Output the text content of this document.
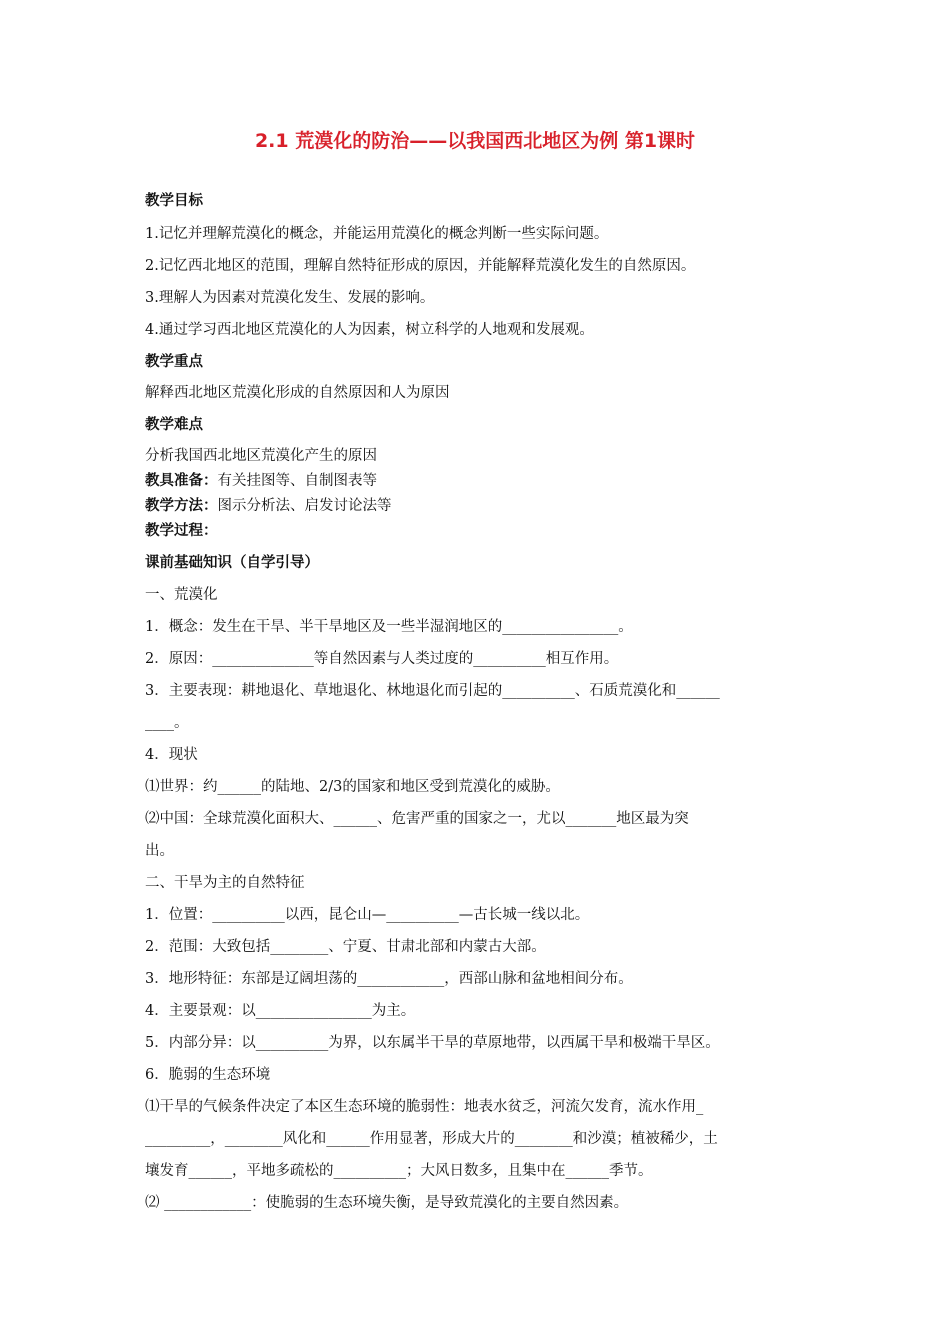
2.1 荒漠化的防治——以我国西北地区为例 第1课时
教学目标
1.记忆并理解荒漠化的概念，并能运用荒漠化的概念判断一些实际问题。
2.记忆西北地区的范围，理解自然特征形成的原因，并能解释荒漠化发生的自然原因。
3.理解人为因素对荒漠化发生、发展的影响。
4.通过学习西北地区荒漠化的人为因素，树立科学的人地观和发展观。
教学重点
解释西北地区荒漠化形成的自然原因和人为原因
教学难点
分析我国西北地区荒漠化产生的原因
教具准备：有关挂图等、自制图表等
教学方法：图示分析法、启发讨论法等
教学过程：
课前基础知识（自学引导）
一、荒漠化
1．概念：发生在干旱、半干旱地区及一些半湿润地区的________________。
2．原因：______________等自然因素与人类过度的__________相互作用。
3．主要表现：耕地退化、草地退化、林地退化而引起的__________、石质荒漠化和______
____。
4．现状
⑴世界：约______的陆地、2/3的国家和地区受到荒漠化的威胁。
⑵中国：全球荒漠化面积大、______、危害严重的国家之一，尤以_______地区最为突
出。
二、干旱为主的自然特征
1．位置：__________以西，昆仑山—__________—古长城一线以北。
2．范围：大致包括________、宁夏、甘肃北部和内蒙古大部。
3．地形特征：东部是辽阔坦荡的____________，西部山脉和盆地相间分布。
4．主要景观：以________________为主。
5．内部分异：以__________为界，以东属半干旱的草原地带，以西属干旱和极端干旱区。
6．脆弱的生态环境
⑴干旱的气候条件决定了本区生态环境的脆弱性：地表水贫乏，河流欠发育，流水作用_
_________，________风化和______作用显著，形成大片的________和沙漠；植被稀少，土
壤发育______，平地多疏松的__________；大风日数多，且集中在______季节。
⑵ ____________：使脆弱的生态环境失衡，是导致荒漠化的主要自然因素。
